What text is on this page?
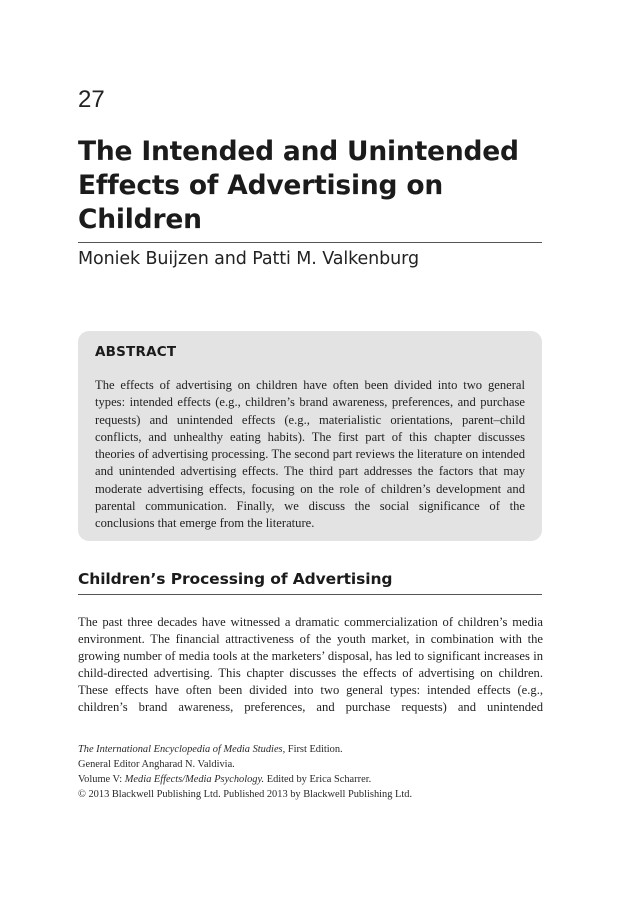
27
The Intended and Unintended Effects of Advertising on Children
Moniek Buijzen and Patti M. Valkenburg
ABSTRACT
The effects of advertising on children have often been divided into two general types: intended effects (e.g., children’s brand awareness, preferences, and purchase requests) and unintended effects (e.g., materialistic orientations, parent–child conflicts, and unhealthy eating habits). The first part of this chapter discusses theories of advertising processing. The second part reviews the literature on intended and unintended advertising effects. The third part addresses the factors that may moderate advertising effects, focusing on the role of children’s development and parental communication. Finally, we discuss the social significance of the conclusions that emerge from the literature.
Children’s Processing of Advertising
The past three decades have witnessed a dramatic commercialization of children’s media environment. The financial attractiveness of the youth market, in combination with the growing number of media tools at the marketers’ disposal, has led to significant increases in child-directed advertising. This chapter discusses the effects of advertising on children. These effects have often been divided into two general types: intended effects (e.g., children’s brand awareness, preferences, and purchase requests) and unintended
The International Encyclopedia of Media Studies, First Edition.
General Editor Angharad N. Valdivia.
Volume V: Media Effects/Media Psychology. Edited by Erica Scharrer.
© 2013 Blackwell Publishing Ltd. Published 2013 by Blackwell Publishing Ltd.
